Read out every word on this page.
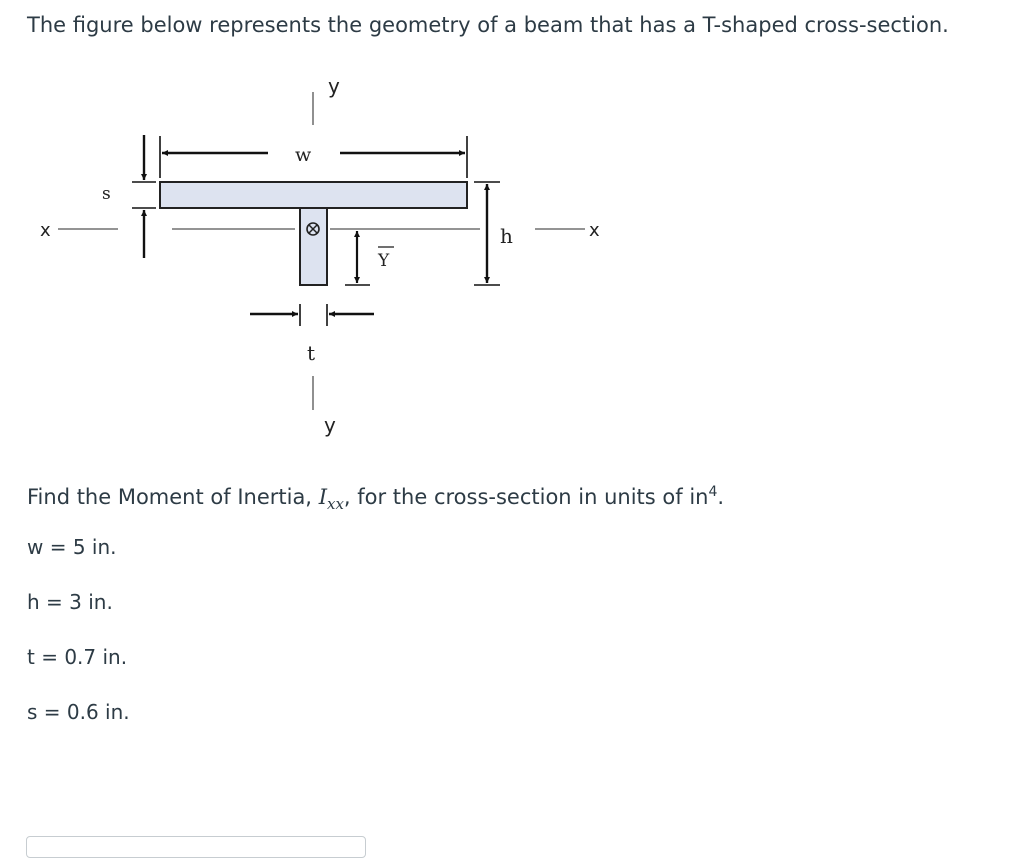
The figure below represents the geometry of a beam that has a T-shaped cross-section.

y
y
x	x
w
s
h
Y
t

Find the Moment of Inertia, $I_{xx}$, for the cross-section in units of $in^4$.

w = 5 in.

h = 3 in.

t = 0.7 in.

s = 0.6 in.
